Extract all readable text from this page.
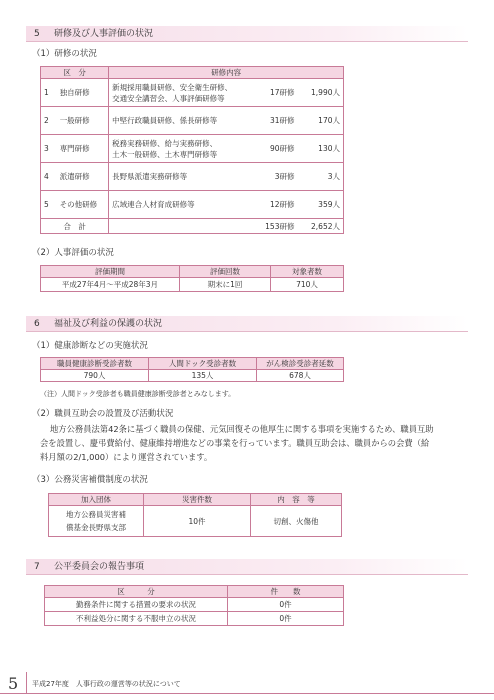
5 研修及び人事評価の状況
（1）研修の状況
区　分		研修内容		
1	独自研修	新規採用職員研修、安全衛生研修、
交通安全講習会、人事評価研修等	17研修	1,990人
2	一般研修	中堅行政職員研修、係長研修等	31研修	170人
3	専門研修	税務実務研修、給与実務研修、
土木一般研修、土木専門研修等	90研修	130人
4	派遣研修	長野県派遣実務研修等	3研修	3人
5	その他研修	広域連合人材育成研修等	12研修	359人
合　計			153研修	2,652人
（2）人事評価の状況
評価期間	評価回数	対象者数
平成27年4月～平成28年3月	期末に1回	710人
6 福祉及び利益の保護の状況
（1）健康診断などの実施状況
職員健康診断受診者数	人間ドック受診者数	がん検診受診者延数
790人	135人	678人
（注）人間ドック受診者も職員健康診断受診者とみなします。
（2）職員互助会の設置及び活動状況
地方公務員法第42条に基づく職員の保健、元気回復その他厚生に関する事項を実施するため、職員互助
会を設置し、慶弔費給付、健康維持増進などの事業を行っています。職員互助会は、職員からの会費（給
料月額の2/1,000）により運営されています。
（3）公務災害補償制度の状況
加入団体	災害件数	内　容　等

地方公務員災害補
償基金長野県支部	10件	切創、火傷他
7 公平委員会の報告事項
区　　　分	件　　数
勤務条件に関する措置の要求の状況	0件
不利益処分に関する不服申立の状況	0件
5 平成27年度　人事行政の運営等の状況について
